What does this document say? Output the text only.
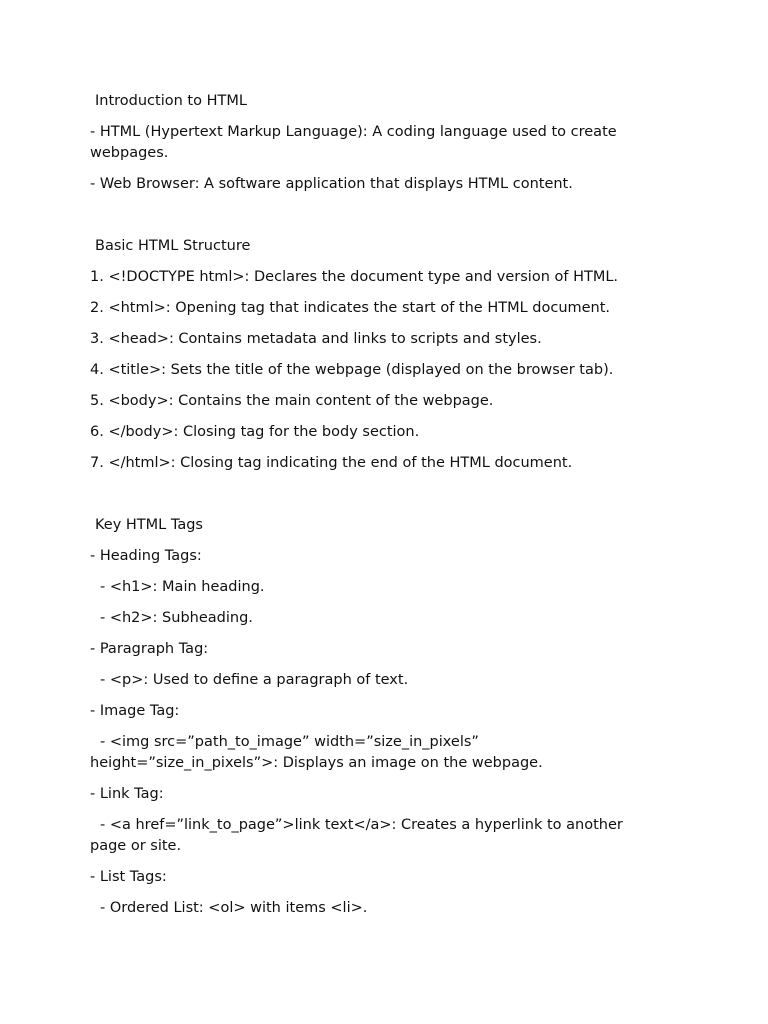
Introduction to HTML
- HTML (Hypertext Markup Language): A coding language used to create webpages.
- Web Browser: A software application that displays HTML content.
Basic HTML Structure
1. <!DOCTYPE html>: Declares the document type and version of HTML.
2. <html>: Opening tag that indicates the start of the HTML document.
3. <head>: Contains metadata and links to scripts and styles.
4. <title>: Sets the title of the webpage (displayed on the browser tab).
5. <body>: Contains the main content of the webpage.
6. </body>: Closing tag for the body section.
7. </html>: Closing tag indicating the end of the HTML document.
Key HTML Tags
- Heading Tags:
- <h1>: Main heading.
- <h2>: Subheading.
- Paragraph Tag:
- <p>: Used to define a paragraph of text.
- Image Tag:
- <img src=”path_to_image” width=”size_in_pixels” height=”size_in_pixels”>: Displays an image on the webpage.
- Link Tag:
- <a href=”link_to_page”>link text</a>: Creates a hyperlink to another page or site.
- List Tags:
- Ordered List: <ol> with items <li>.
